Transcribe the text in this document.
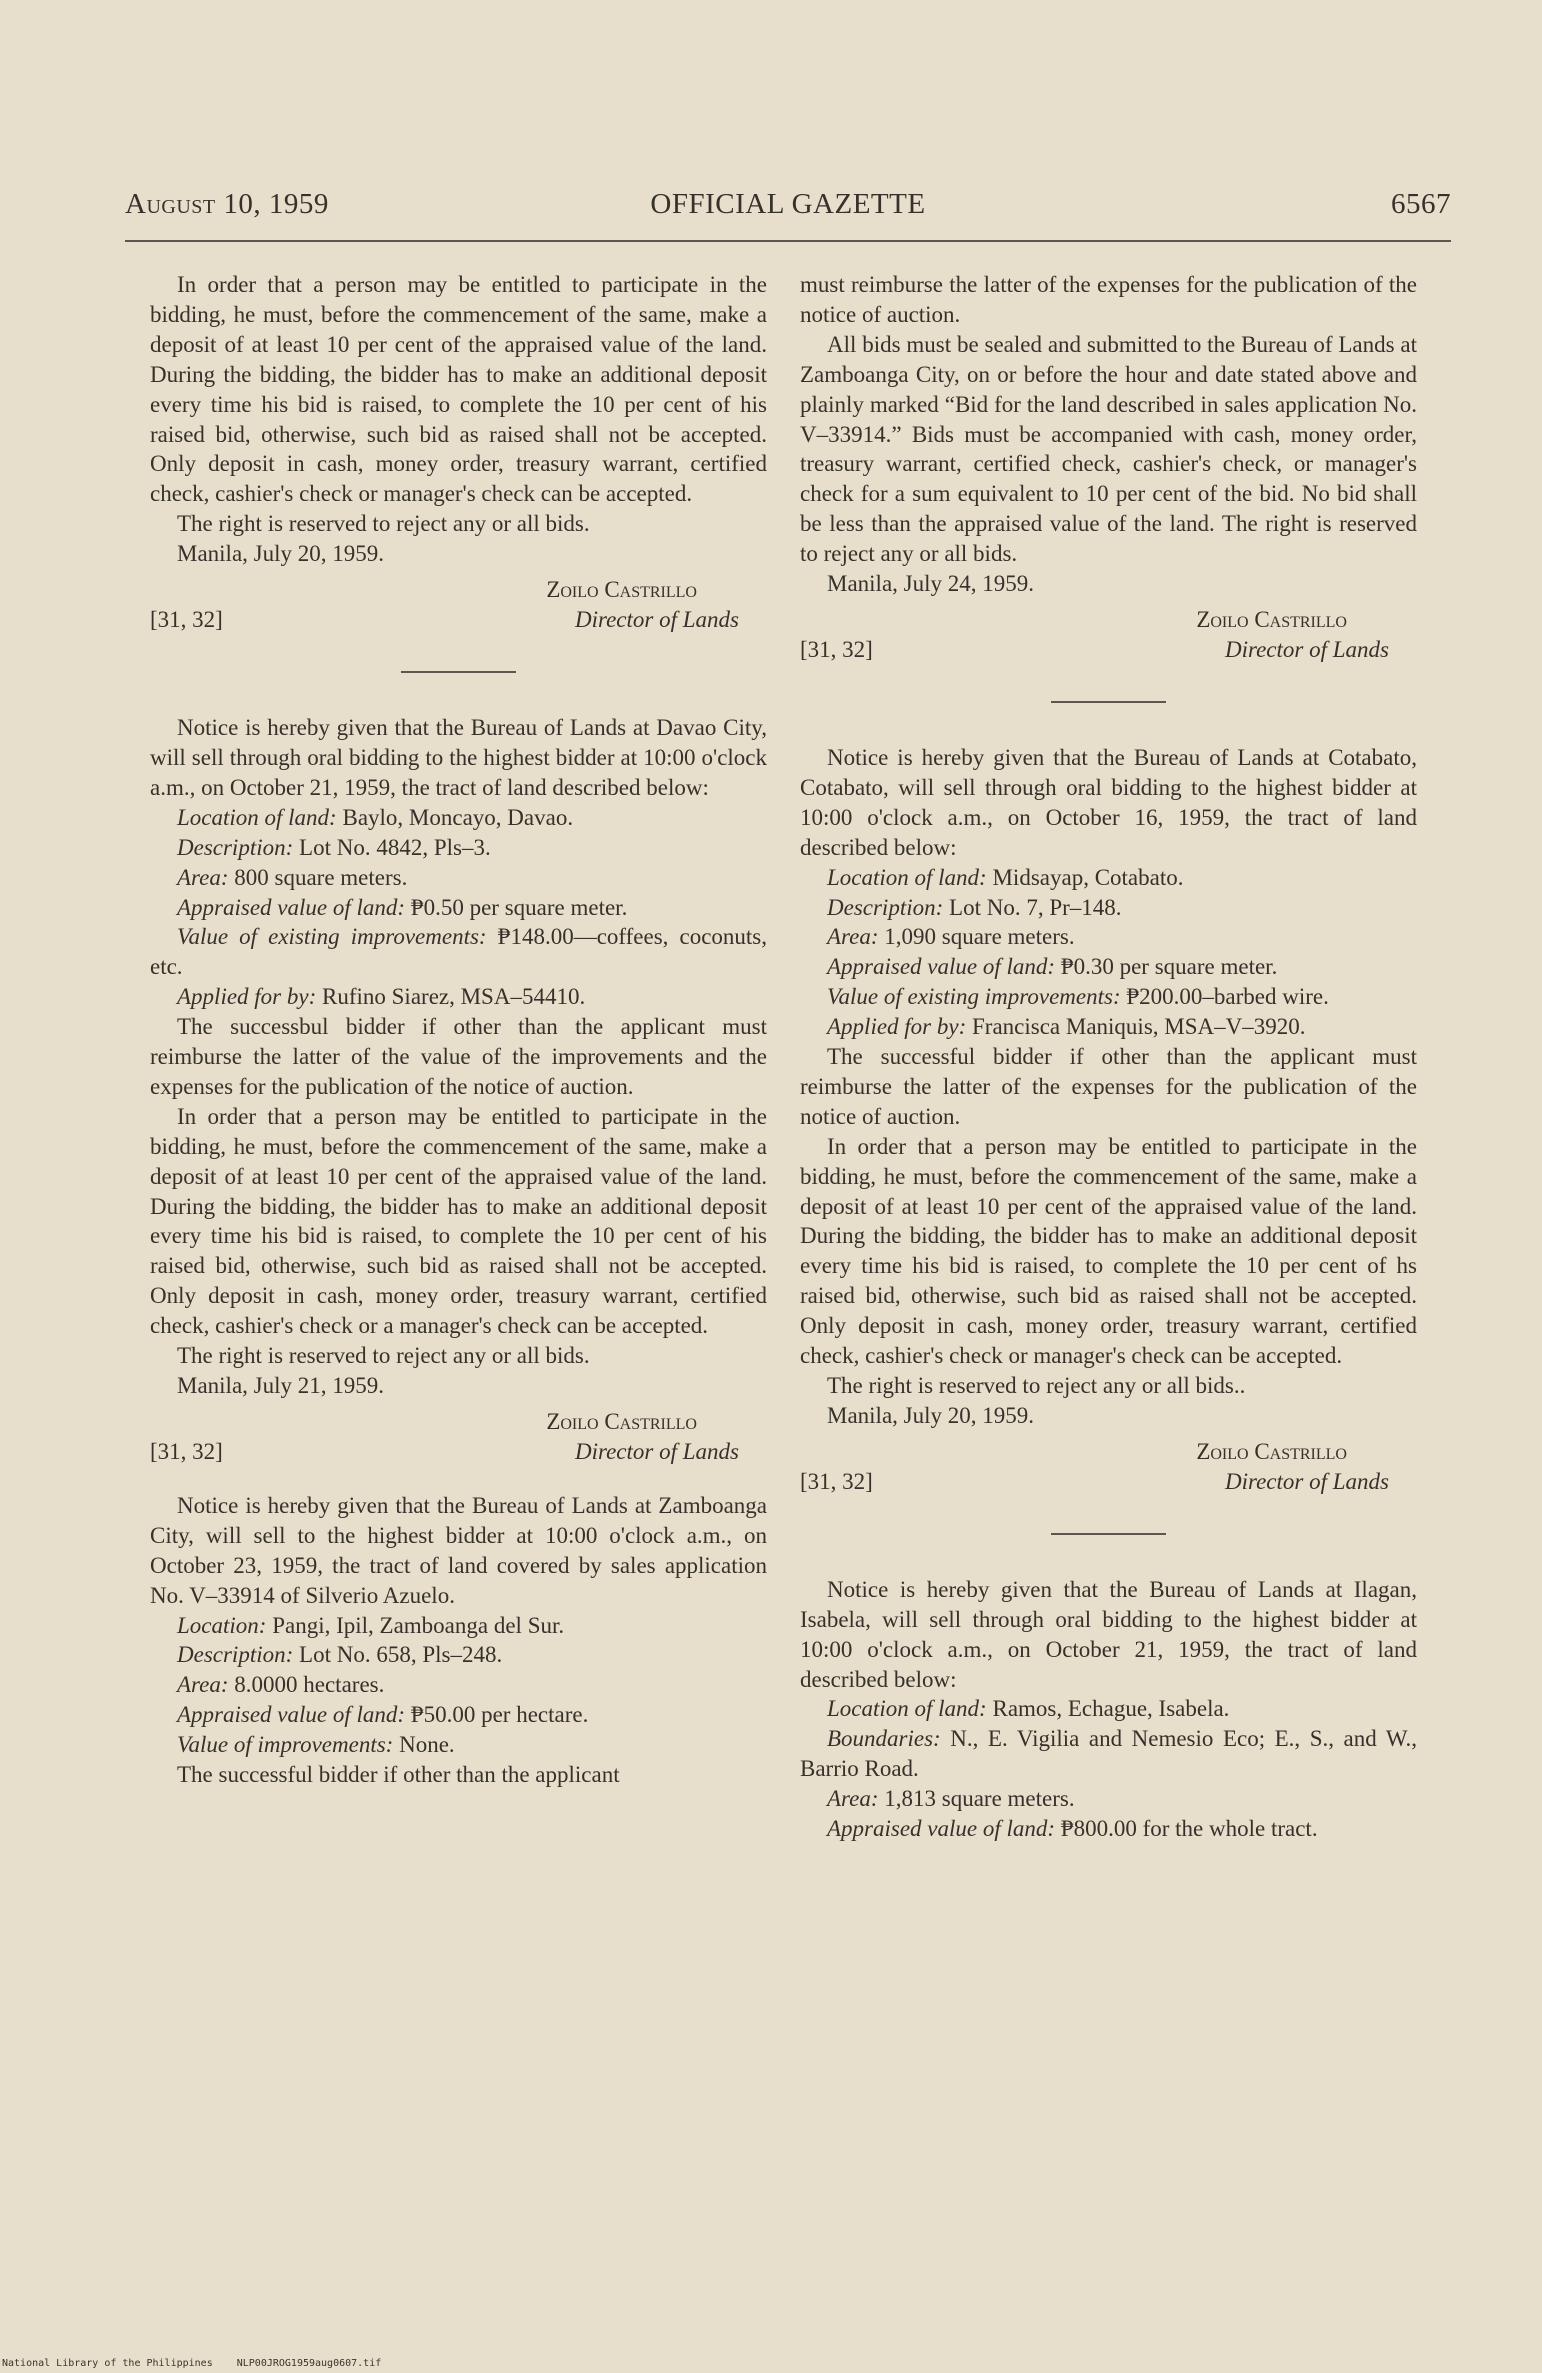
August 10, 1959	OFFICIAL GAZETTE	6567

In order that a person may be entitled to participate in the bidding, he must, before the commencement of the same, make a deposit of at least 10 per cent of the appraised value of the land. During the bidding, the bidder has to make an additional deposit every time his bid is raised, to complete the 10 per cent of his raised bid, otherwise, such bid as raised shall not be accepted. Only deposit in cash, money order, treasury warrant, certified check, cashier's check or manager's check can be accepted.

The right is reserved to reject any or all bids.

Manila, July 20, 1959.

Zoilo Castrillo
[31, 32]	Director of Lands

Notice is hereby given that the Bureau of Lands at Davao City, will sell through oral bidding to the highest bidder at 10:00 o'clock a.m., on October 21, 1959, the tract of land described below:

Location of land: Baylo, Moncayo, Davao.

Description: Lot No. 4842, Pls–3.

Area: 800 square meters.

Appraised value of land: ₱0.50 per square meter.

Value of existing improvements: ₱148.00—coffees, coconuts, etc.

Applied for by: Rufino Siarez, MSA–54410.

The successbul bidder if other than the applicant must reimburse the latter of the value of the improvements and the expenses for the publication of the notice of auction.

In order that a person may be entitled to participate in the bidding, he must, before the commencement of the same, make a deposit of at least 10 per cent of the appraised value of the land. During the bidding, the bidder has to make an additional deposit every time his bid is raised, to complete the 10 per cent of his raised bid, otherwise, such bid as raised shall not be accepted. Only deposit in cash, money order, treasury warrant, certified check, cashier's check or a manager's check can be accepted.

The right is reserved to reject any or all bids.

Manila, July 21, 1959.

Zoilo Castrillo
[31, 32]	Director of Lands

Notice is hereby given that the Bureau of Lands at Zamboanga City, will sell to the highest bidder at 10:00 o'clock a.m., on October 23, 1959, the tract of land covered by sales application No. V–33914 of Silverio Azuelo.

Location: Pangi, Ipil, Zamboanga del Sur.

Description: Lot No. 658, Pls–248.

Area: 8.0000 hectares.

Appraised value of land: ₱50.00 per hectare.

Value of improvements: None.

The successful bidder if other than the applicant

must reimburse the latter of the expenses for the publication of the notice of auction.

All bids must be sealed and submitted to the Bureau of Lands at Zamboanga City, on or before the hour and date stated above and plainly marked “Bid for the land described in sales application No. V–33914.” Bids must be accompanied with cash, money order, treasury warrant, certified check, cashier's check, or manager's check for a sum equivalent to 10 per cent of the bid. No bid shall be less than the appraised value of the land. The right is reserved to reject any or all bids.

Manila, July 24, 1959.

Zoilo Castrillo
[31, 32]	Director of Lands

Notice is hereby given that the Bureau of Lands at Cotabato, Cotabato, will sell through oral bidding to the highest bidder at 10:00 o'clock a.m., on October 16, 1959, the tract of land described below:

Location of land: Midsayap, Cotabato.

Description: Lot No. 7, Pr–148.

Area: 1,090 square meters.

Appraised value of land: ₱0.30 per square meter.

Value of existing improvements: ₱200.00–barbed wire.

Applied for by: Francisca Maniquis, MSA–V–3920.

The successful bidder if other than the applicant must reimburse the latter of the expenses for the publication of the notice of auction.

In order that a person may be entitled to participate in the bidding, he must, before the commencement of the same, make a deposit of at least 10 per cent of the appraised value of the land. During the bidding, the bidder has to make an additional deposit every time his bid is raised, to complete the 10 per cent of hs raised bid, otherwise, such bid as raised shall not be accepted. Only deposit in cash, money order, treasury warrant, certified check, cashier's check or manager's check can be accepted.

The right is reserved to reject any or all bids..

Manila, July 20, 1959.

Zoilo Castrillo
[31, 32]	Director of Lands

Notice is hereby given that the Bureau of Lands at Ilagan, Isabela, will sell through oral bidding to the highest bidder at 10:00 o'clock a.m., on October 21, 1959, the tract of land described below:

Location of land: Ramos, Echague, Isabela.

Boundaries: N., E. Vigilia and Nemesio Eco; E., S., and W., Barrio Road.

Area: 1,813 square meters.

Appraised value of land: ₱800.00 for the whole tract.

National Library of the Philippines NLP00JROG1959aug0607.tif
